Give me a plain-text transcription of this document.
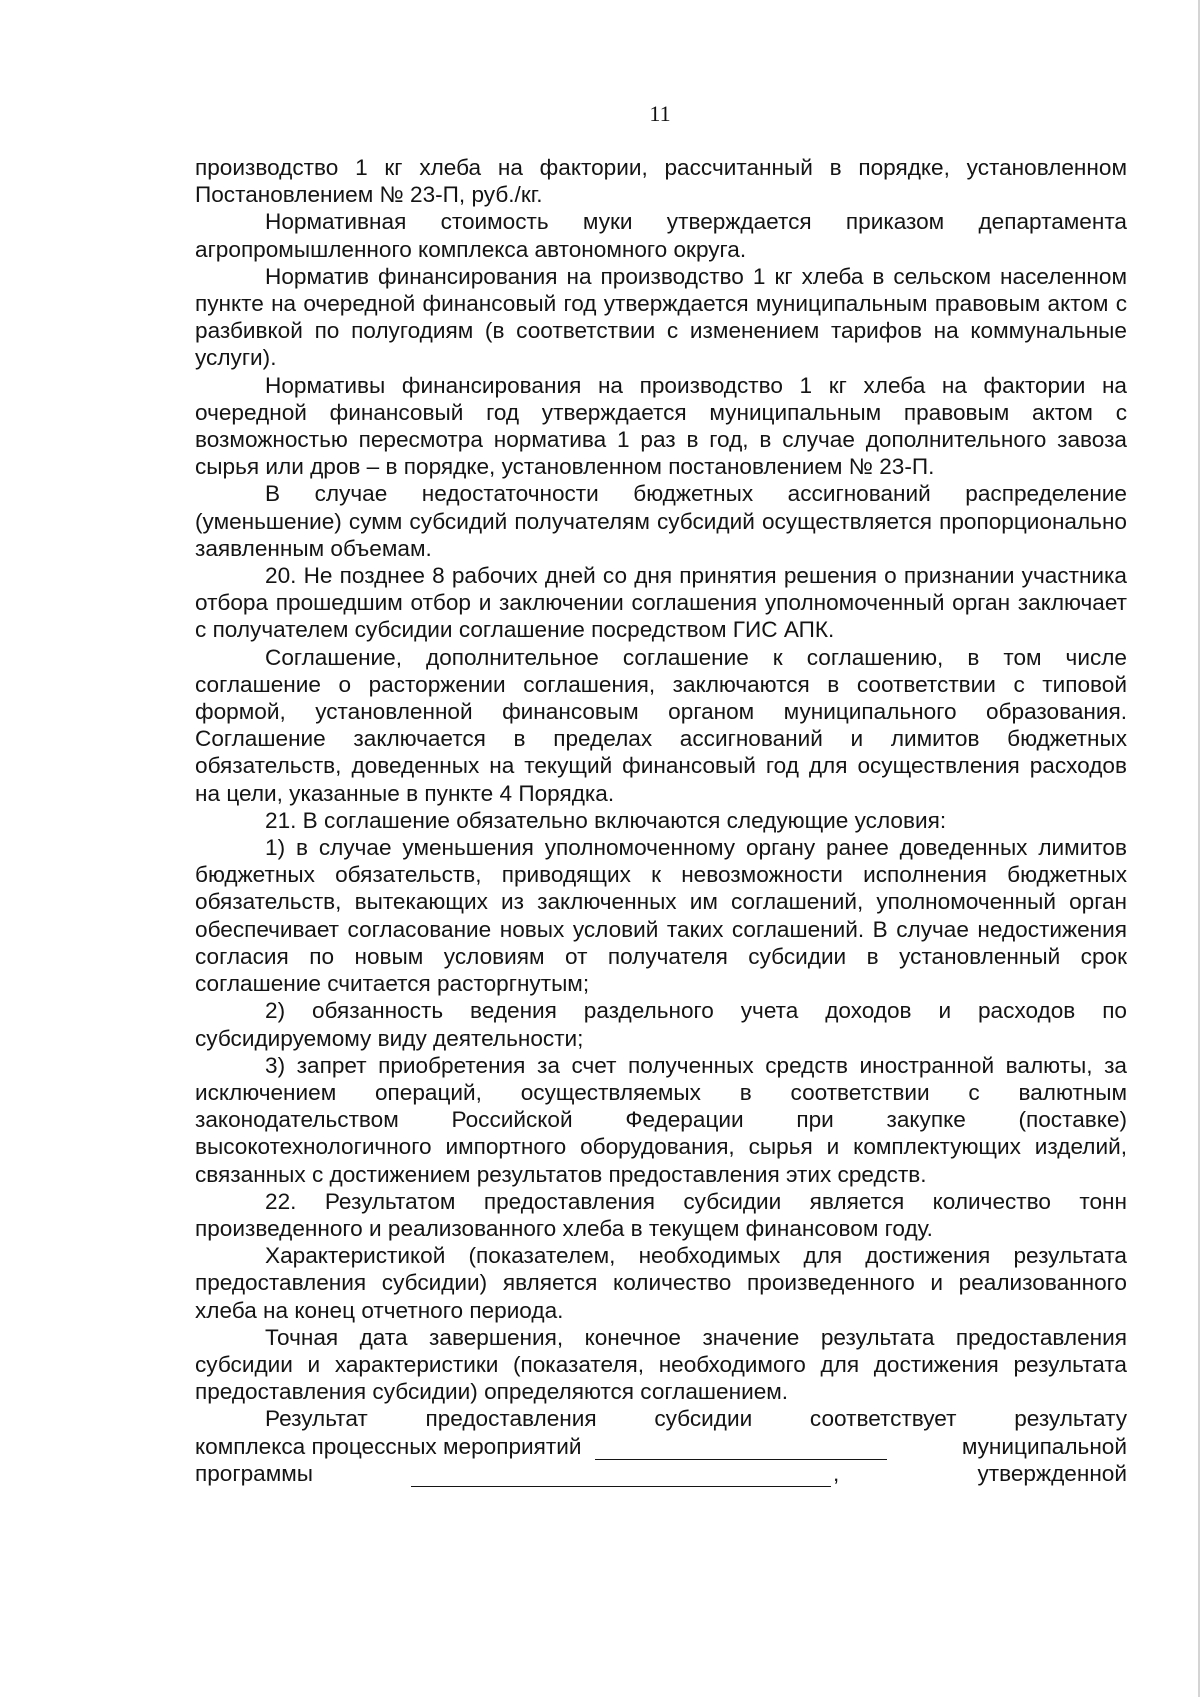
11

производство 1 кг хлеба на фактории, рассчитанный в порядке, установленном Постановлением № 23-П, руб./кг.

Нормативная стоимость муки утверждается приказом департамента агропромышленного комплекса автономного округа.

Норматив финансирования на производство 1 кг хлеба в сельском населенном пункте на очередной финансовый год утверждается муниципальным правовым актом с разбивкой по полугодиям (в соответствии с изменением тарифов на коммунальные услуги).

Нормативы финансирования на производство 1 кг хлеба на фактории на очередной финансовый год утверждается муниципальным правовым актом с возможностью пересмотра норматива 1 раз в год, в случае дополнительного завоза сырья или дров – в порядке, установленном постановлением № 23-П.

В случае недостаточности бюджетных ассигнований распределение (уменьшение) сумм субсидий получателям субсидий осуществляется пропорционально заявленным объемам.

20. Не позднее 8 рабочих дней со дня принятия решения о признании участника отбора прошедшим отбор и заключении соглашения уполномоченный орган заключает с получателем субсидии соглашение посредством ГИС АПК.

Соглашение, дополнительное соглашение к соглашению, в том числе соглашение о расторжении соглашения, заключаются в соответствии с типовой формой, установленной финансовым органом муниципального образования. Соглашение заключается в пределах ассигнований и лимитов бюджетных обязательств, доведенных на текущий финансовый год для осуществления расходов на цели, указанные в пункте 4 Порядка.

21. В соглашение обязательно включаются следующие условия:

1) в случае уменьшения уполномоченному органу ранее доведенных лимитов бюджетных обязательств, приводящих к невозможности исполнения бюджетных обязательств, вытекающих из заключенных им соглашений, уполномоченный орган обеспечивает согласование новых условий таких соглашений. В случае недостижения согласия по новым условиям от получателя субсидии в установленный срок соглашение считается расторгнутым;

2) обязанность ведения раздельного учета доходов и расходов по субсидируемому виду деятельности;

3) запрет приобретения за счет полученных средств иностранной валюты, за исключением операций, осуществляемых в соответствии с валютным законодательством Российской Федерации при закупке (поставке) высокотехнологичного импортного оборудования, сырья и комплектующих изделий, связанных с достижением результатов предоставления этих средств.

22. Результатом предоставления субсидии является количество тонн произведенного и реализованного хлеба в текущем финансовом году.

Характеристикой (показателем, необходимых для достижения результата предоставления субсидии) является количество произведенного и реализованного хлеба на конец отчетного периода.

Точная дата завершения, конечное значение результата предоставления субсидии и характеристики (показателя, необходимого для достижения результата предоставления субсидии) определяются соглашением.

Результат предоставления субсидии соответствует результату

комплекса процессных мероприятий	муниципальной
программы	,	утвержденной
